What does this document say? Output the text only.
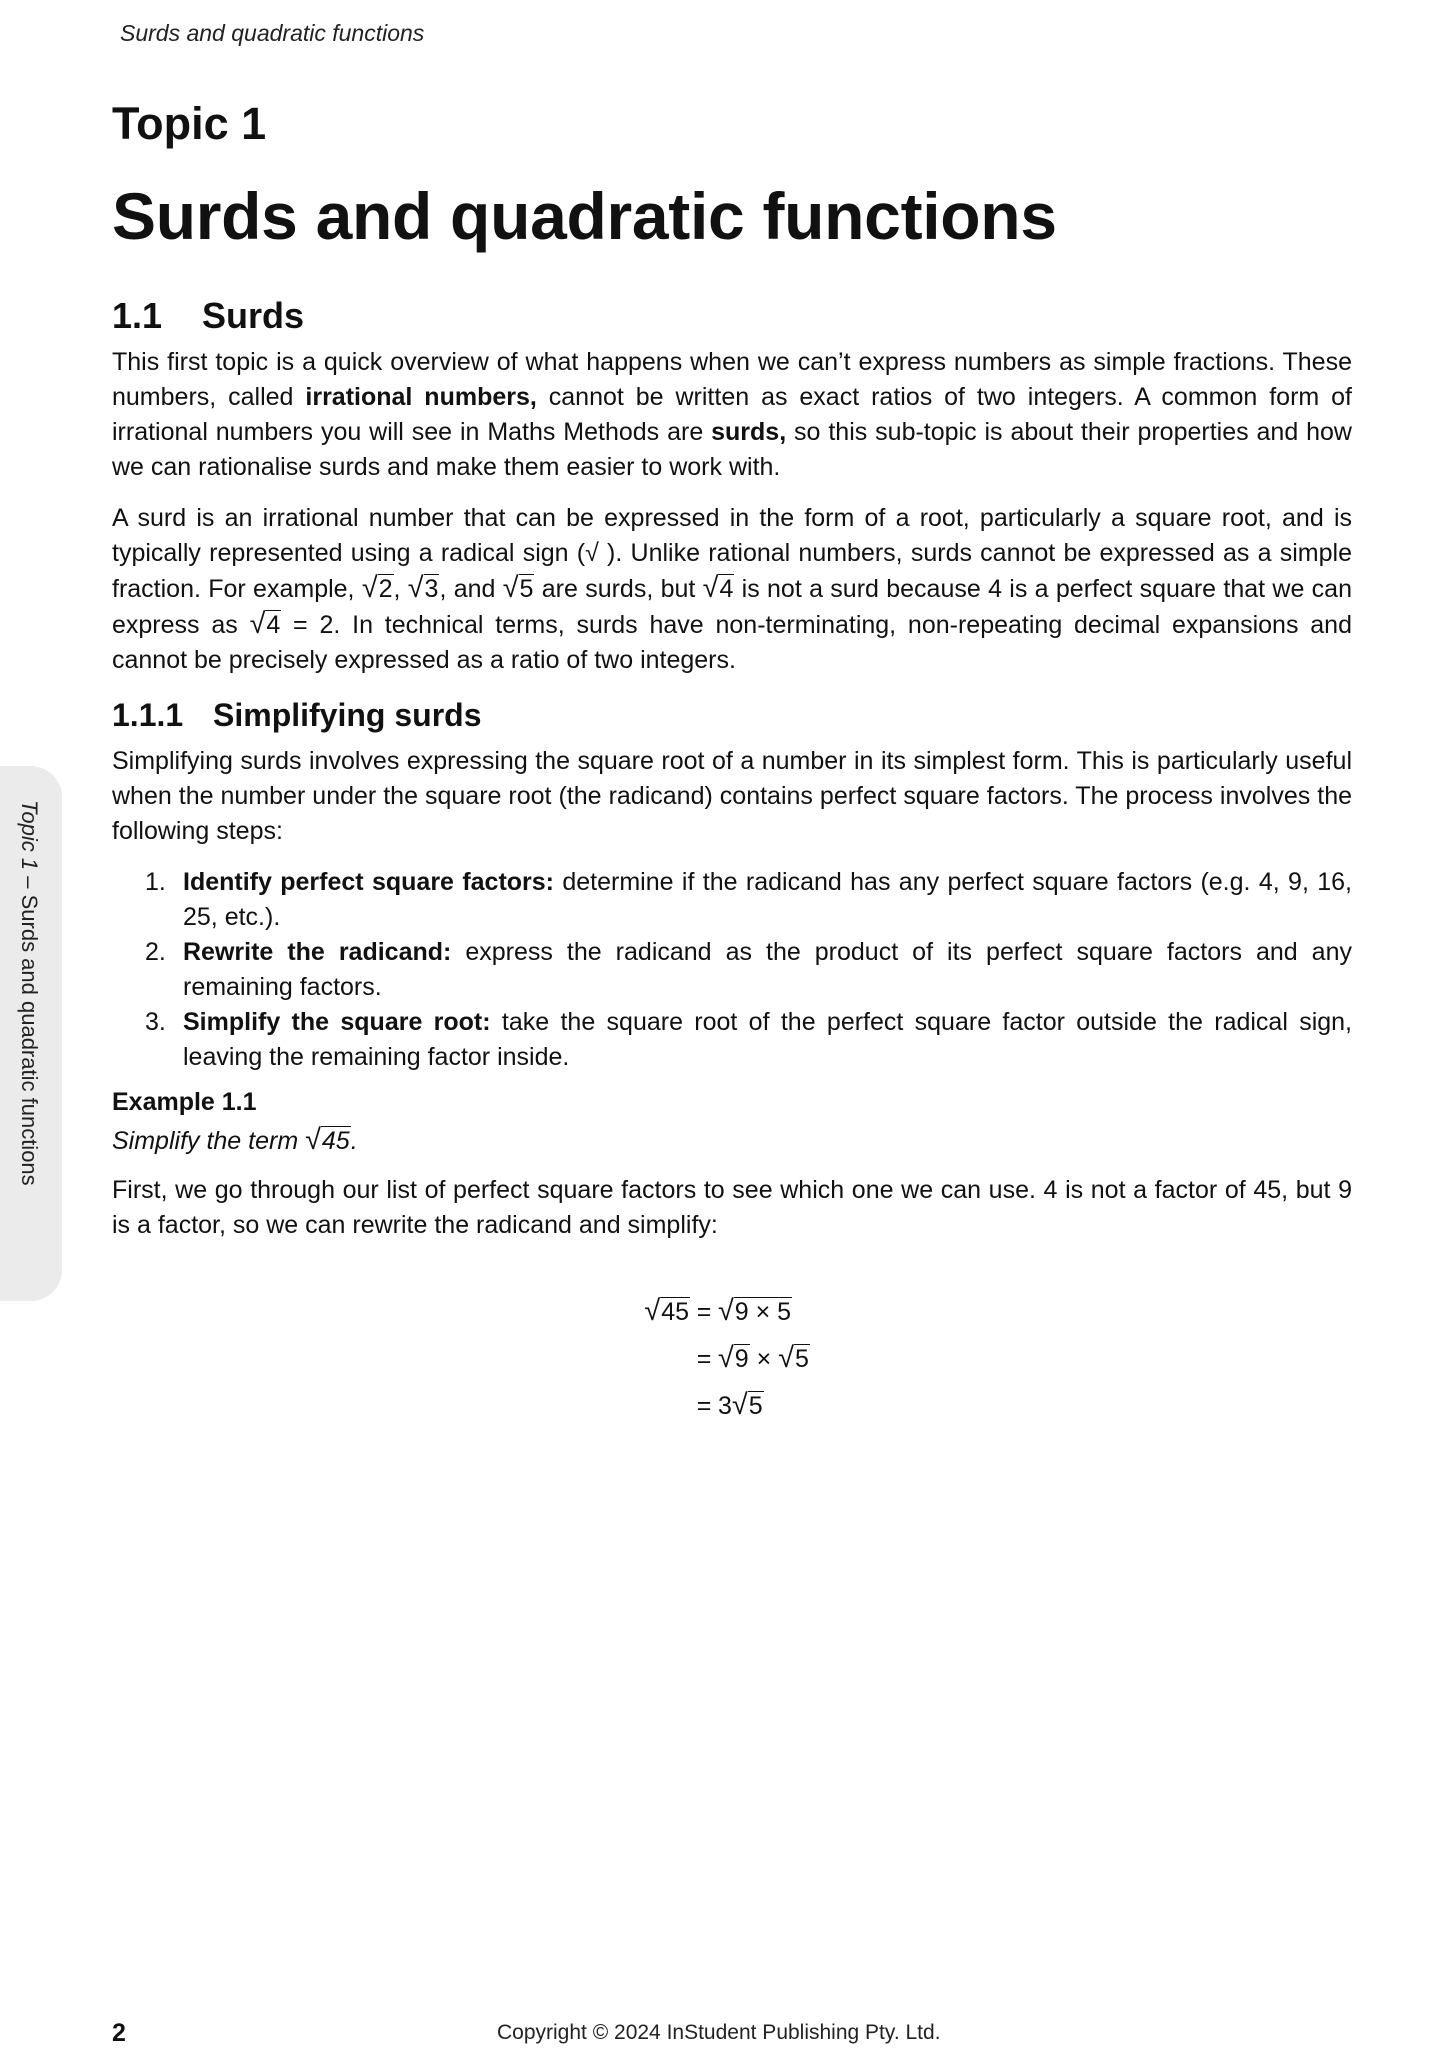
Surds and quadratic functions
Topic 1 – Surds and quadratic functions
Topic 1
Surds and quadratic functions
1.1 Surds

This first topic is a quick overview of what happens when we can’t express numbers as simple fractions. These numbers, called irrational numbers, cannot be written as exact ratios of two integers. A common form of irrational numbers you will see in Maths Methods are surds, so this sub-topic is about their properties and how we can rationalise surds and make them easier to work with.

A surd is an irrational number that can be expressed in the form of a root, particularly a square root, and is typically represented using a radical sign (√ ). Unlike rational numbers, surds cannot be expressed as a simple fraction. For example, √2, √3, and √5 are surds, but √4 is not a surd because 4 is a perfect square that we can express as √4 = 2. In technical terms, surds have non-terminating, non-repeating decimal expansions and cannot be precisely expressed as a ratio of two integers.

1.1.1 Simplifying surds

Simplifying surds involves expressing the square root of a number in its simplest form. This is particularly useful when the number under the square root (the radicand) contains perfect square factors. The process involves the following steps:

1. Identify perfect square factors: determine if the radicand has any perfect square factors (e.g. 4, 9, 16, 25, etc.).
2. Rewrite the radicand: express the radicand as the product of its perfect square factors and any remaining factors.
3. Simplify the square root: take the square root of the perfect square factor outside the radical sign, leaving the remaining factor inside.
Example 1.1
Simplify the term √45.

First, we go through our list of perfect square factors to see which one we can use. 4 is not a factor of 45, but 9 is a factor, so we can rewrite the radicand and simplify:

√45 = √9 × 5
= √9 × √5
= 3√5
2	Copyright © 2024 InStudent Publishing Pty. Ltd.
